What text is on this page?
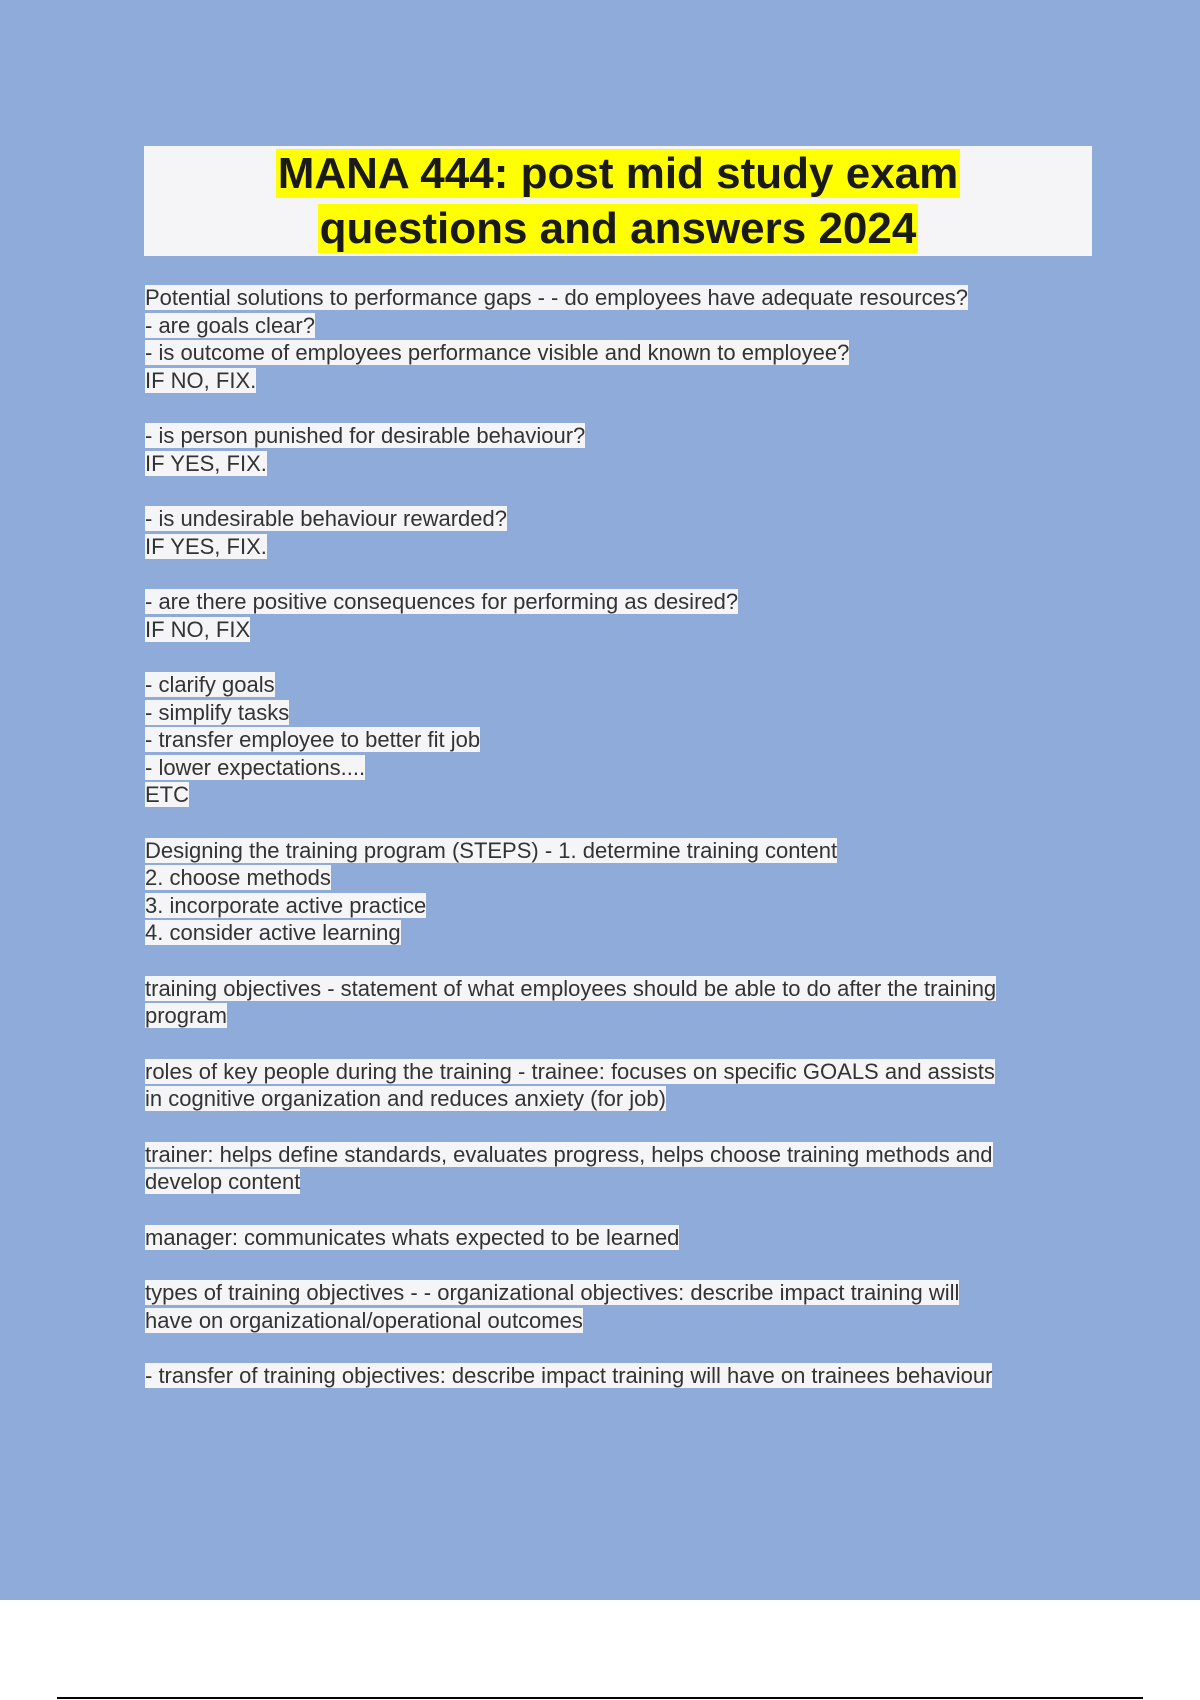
MANA 444: post mid study exam
questions and answers 2024
Potential solutions to performance gaps - - do employees have adequate resources?
- are goals clear?
- is outcome of employees performance visible and known to employee?
IF NO, FIX.
- is person punished for desirable behaviour?
IF YES, FIX.
- is undesirable behaviour rewarded?
IF YES, FIX.
- are there positive consequences for performing as desired?
IF NO, FIX
- clarify goals
- simplify tasks
- transfer employee to better fit job
- lower expectations....
ETC
Designing the training program (STEPS) - 1. determine training content
2. choose methods
3. incorporate active practice
4. consider active learning
training objectives - statement of what employees should be able to do after the training
program
roles of key people during the training - trainee: focuses on specific GOALS and assists
in cognitive organization and reduces anxiety (for job)
trainer: helps define standards, evaluates progress, helps choose training methods and
develop content
manager: communicates whats expected to be learned
types of training objectives - - organizational objectives: describe impact training will
have on organizational/operational outcomes
- transfer of training objectives: describe impact training will have on trainees behaviour
